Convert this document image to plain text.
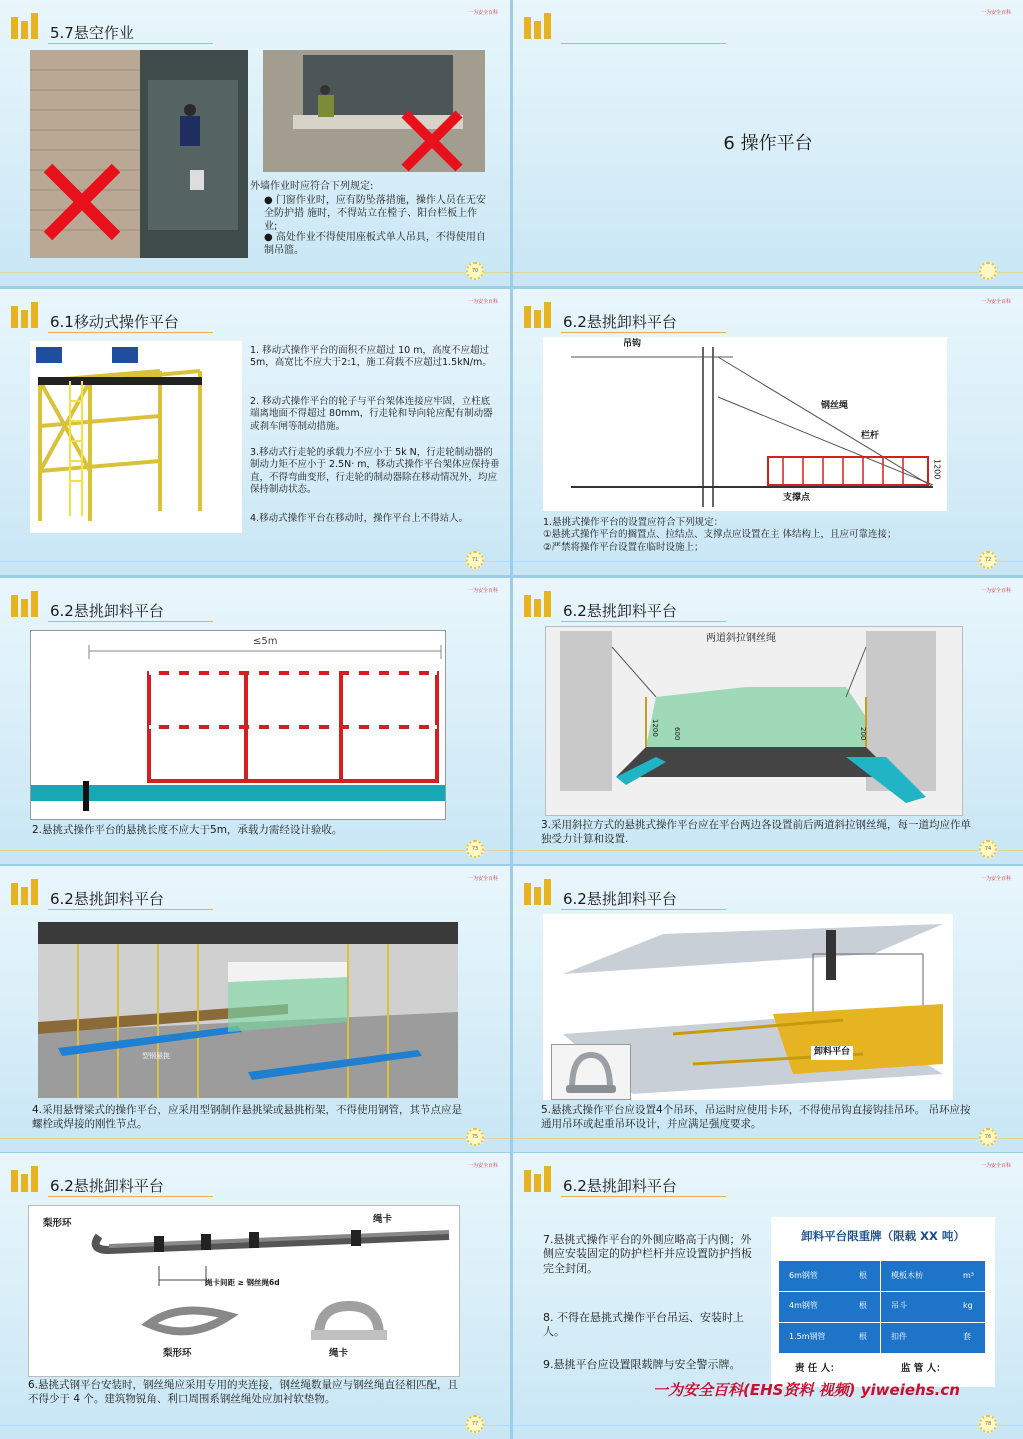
5.7悬空作业
一为安全百科
外墙作业时应符合下列规定:
● 门窗作业时，应有防坠落措施，操作人员在无安全防护措 施时，不得站立在樘子、阳台栏板上作业;
● 高处作业不得使用座板式单人吊具，不得使用自制吊篮。
70
一为安全百科
6 操作平台
6.1移动式操作平台
一为安全百科
1. 移动式操作平台的面积不应超过 10 m，高度不应超过5m，高宽比不应大于2:1，施工荷载不应超过1.5kN/m。
2. 移动式操作平台的轮子与平台架体连接应牢固，立柱底 端离地面不得超过 80mm，行走轮和导向轮应配有制动器 或刹车闸等制动措施。
3.移动式行走轮的承载力不应小于 5k N，行走轮制动器的 制动力矩不应小于 2.5N· m，移动式操作平台架体应保持垂 直，不得弯曲变形，行走轮的制动器除在移动情况外，均应保持制动状态。
4.移动式操作平台在移动时，操作平台上不得站人。
71
6.2悬挑卸料平台
一为安全百科
吊钩
钢丝绳
栏杆
支撑点
1200
1.悬挑式操作平台的设置应符合下列规定：
①悬挑式操作平台的搁置点、拉结点、支撑点应设置在主 体结构上，且应可靠连接；
②严禁将操作平台设置在临时设施上；
72
6.2悬挑卸料平台
一为安全百科
≤5m
2.悬挑式操作平台的悬挑长度不应大于5m，承载力需经设计验收。
73
6.2悬挑卸料平台
一为安全百科
两道斜拉钢丝绳
1200 600	200
3.采用斜拉方式的悬挑式操作平台应在平台两边各设置前后两道斜拉钢丝绳，每一道均应作单独受力计算和设置.
74
6.2悬挑卸料平台
一为安全百科
型钢悬挑
4.采用悬臂梁式的操作平台，应采用型钢制作悬挑梁或悬挑桁架，不得使用钢管，其节点应是螺栓或焊接的刚性节点。
75
6.2悬挑卸料平台
一为安全百科
卸料平台
5.悬挑式操作平台应设置4个吊环，吊运时应使用卡环，不得使吊钩直接钩挂吊环。 吊环应按通用吊环或起重吊环设计，并应满足强度要求。
76
6.2悬挑卸料平台
一为安全百科
梨形环	绳卡
绳卡间距 ≥ 钢丝绳6d
梨形环	绳卡
6.悬挑式钢平台安装时，钢丝绳应采用专用的夹连接，钢丝绳数量应与钢丝绳直径相匹配，且不得少于 4 个。建筑物锐角、利口周围系钢丝绳处应加衬软垫物。
77
6.2悬挑卸料平台
一为安全百科
7.悬挑式操作平台的外侧应略高于内侧；外侧应安装固定的防护栏杆并应设置防护挡板完全封闭。
8. 不得在悬挑式操作平台吊运、安装时上人。
9.悬挑平台应设置限载牌与安全警示牌。
卸料平台限重牌（限载 XX 吨）
6m钢管	根	模板木枋	m³
4m钢管	根	吊斗	kg
1.5m钢管	根	扣件	套
责 任 人：	监 管 人：
一为安全百科(EHS资料 视频) yiweiehs.cn
78
